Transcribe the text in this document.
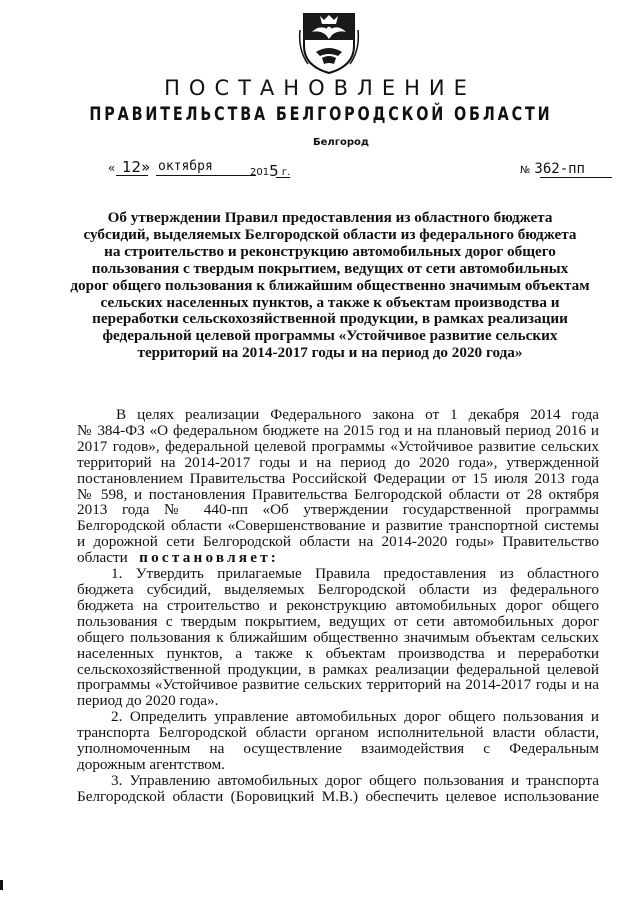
ПОСТАНОВЛЕНИЕ
ПРАВИТЕЛЬСТВА БЕЛГОРОДСКОЙ ОБЛАСТИ
Белгород
« 12» октября	2015 г.	№ 362-пп
Об утверждении Правил предоставления из областного бюджета
субсидий, выделяемых Белгородской области из федерального бюджета
на строительство и реконструкцию автомобильных дорог общего
пользования с твердым покрытием, ведущих от сети автомобильных
дорог общего пользования к ближайшим общественно значимым объектам
сельских населенных пунктов, а также к объектам производства и
переработки сельскохозяйственной продукции, в рамках реализации
федеральной целевой программы «Устойчивое развитие сельских
территорий на 2014-2017 годы и на период до 2020 года»
В целях реализации Федерального закона от 1 декабря 2014 года
№ 384-ФЗ «О федеральном бюджете на 2015 год и на плановый период 2016 и
2017 годов», федеральной целевой программы «Устойчивое развитие сельских
территорий на 2014-2017 годы и на период до 2020 года», утвержденной
постановлением Правительства Российской Федерации от 15 июля 2013 года
№ 598, и постановления Правительства Белгородской области от 28 октября
2013 года № 440-пп «Об утверждении государственной программы
Белгородской области «Совершенствование и развитие транспортной системы
и дорожной сети Белгородской области на 2014-2020 годы» Правительство
области постановляет:
1. Утвердить прилагаемые Правила предоставления из областного
бюджета субсидий, выделяемых Белгородской области из федерального
бюджета на строительство и реконструкцию автомобильных дорог общего
пользования с твердым покрытием, ведущих от сети автомобильных дорог
общего пользования к ближайшим общественно значимым объектам сельских
населенных пунктов, а также к объектам производства и переработки
сельскохозяйственной продукции, в рамках реализации федеральной целевой
программы «Устойчивое развитие сельских территорий на 2014-2017 годы и на
период до 2020 года».
2. Определить управление автомобильных дорог общего пользования и
транспорта Белгородской области органом исполнительной власти области,
уполномоченным на осуществление взаимодействия с Федеральным
дорожным агентством.
3. Управлению автомобильных дорог общего пользования и транспорта
Белгородской области (Боровицкий М.В.) обеспечить целевое использование
